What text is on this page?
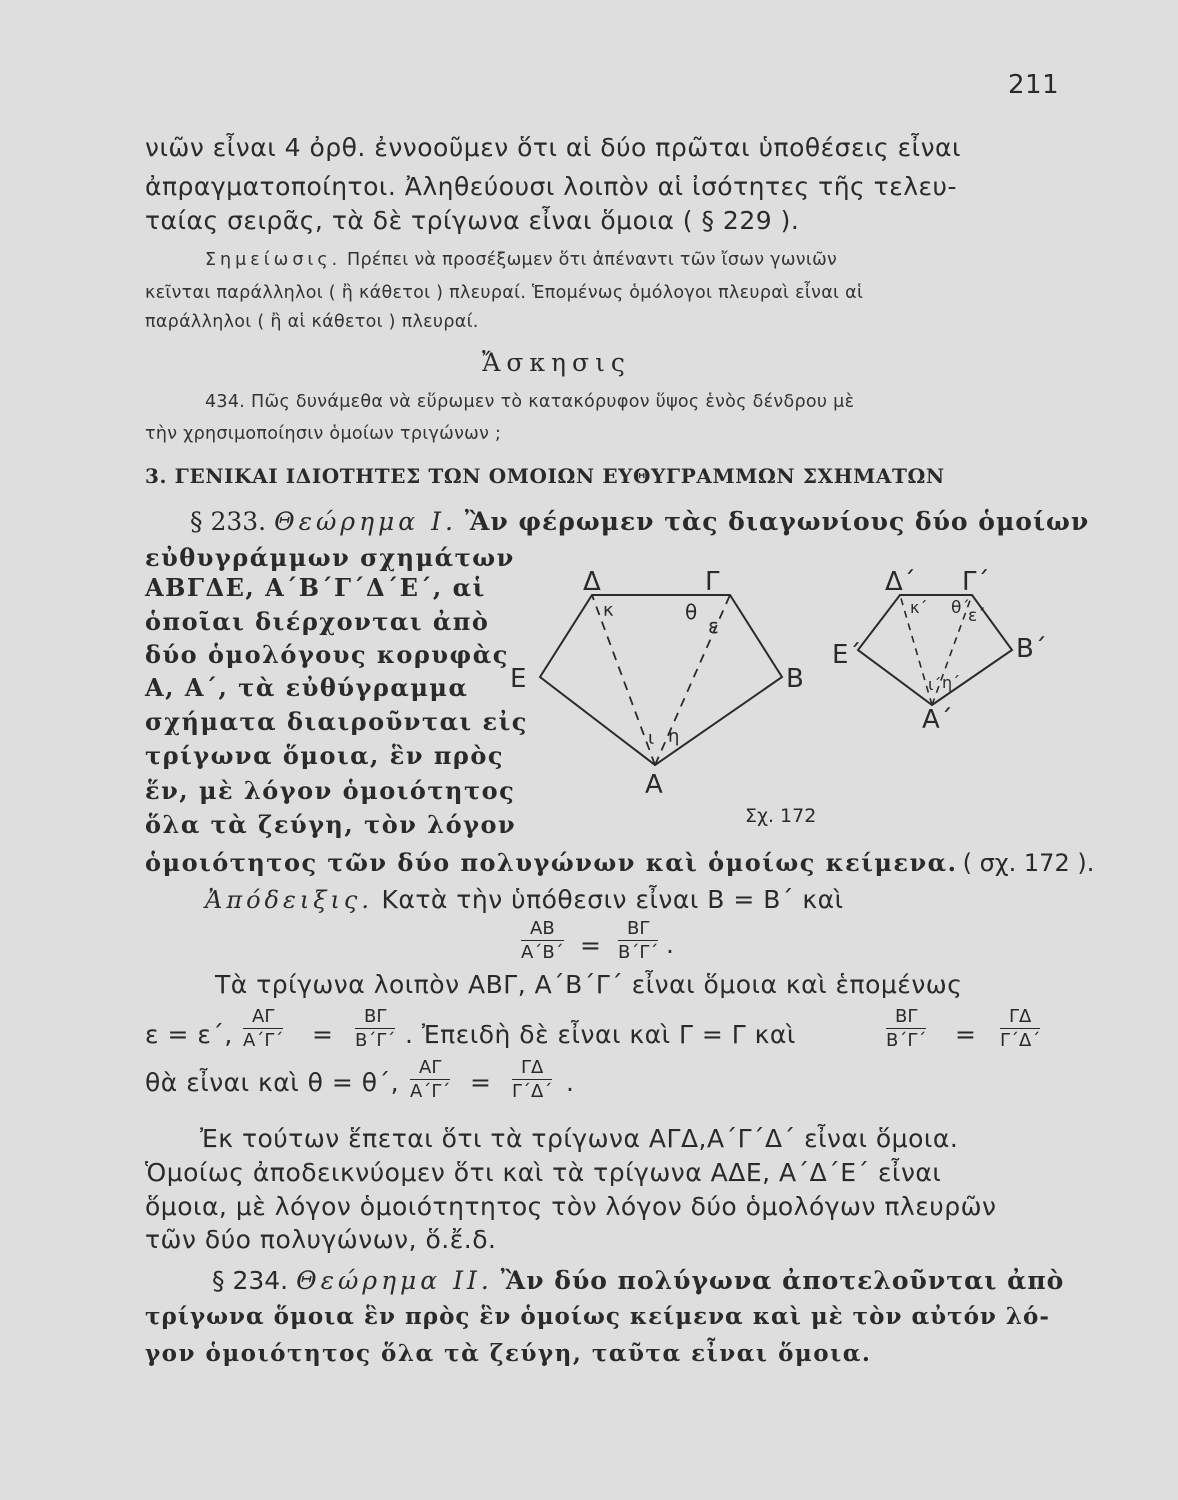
211
νιῶν εἶναι 4 ὀρθ. ἐννοοῦμεν ὅτι αἱ δύο πρῶται ὑποθέσεις εἶναι
ἀπραγματοποίητοι. Ἀληθεύουσι λοιπὸν αἱ ἰσότητες τῆς τελευ-
ταίας σειρᾶς, τὰ δὲ τρίγωνα εἶναι ὅμοια ( § 229 ).
Σημείωσις. Πρέπει νὰ προσέξωμεν ὅτι ἀπέναντι τῶν ἴσων γωνιῶν
κεῖνται παράλληλοι ( ἢ κάθετοι ) πλευραί. Ἑπομένως ὁμόλογοι πλευραὶ εἶναι αἱ
παράλληλοι ( ἢ αἱ κάθετοι ) πλευραί.
Ἄσκησις
434. Πῶς δυνάμεθα νὰ εὕρωμεν τὸ κατακόρυφον ὕψος ἑνὸς δένδρου μὲ
τὴν χρησιμοποίησιν ὁμοίων τριγώνων ;
3. ΓΕΝΙΚΑΙ ΙΔΙΟΤΗΤΕΣ ΤΩΝ ΟΜΟΙΩΝ ΕΥΘΥΓΡΑΜΜΩΝ ΣΧΗΜΑΤΩΝ
§ 233. Θεώρημα Ι. Ἂν φέρωμεν τὰς διαγωνίους δύο ὁμοίων
εὐθυγράμμων σχημάτων
ΑΒΓΔΕ, Α΄Β΄Γ΄Δ΄Ε΄, αἱ
ὁποῖαι διέρχονται ἀπὸ
δύο ὁμολόγους κορυφὰς
Α, Α΄, τὰ εὐθύγραμμα
σχήματα διαιροῦνται εἰς
τρίγωνα ὅμοια, ἓν πρὸς
ἕν, μὲ λόγον ὁμοιότητος
ὅλα τὰ ζεύγη, τὸν λόγον
ὁμοιότητος τῶν δύο πολυγώνων καὶ ὁμοίως κείμενα. ( σχ. 172 ).
Δ	Γ
Ε	Β
Α
κ	θ
ε
ι η
Δ΄ Γ΄
Ε΄	Β΄
Α΄
κ΄ θ΄
ε΄
ι΄ η΄
Σχ. 172
Ἀπόδειξις. Κατὰ τὴν ὑπόθεσιν εἶναι Β = Β΄ καὶ
$\frac{AB}{A΄B΄} = \frac{B\Gamma}{B΄\Gamma΄}$ .
Τὰ τρίγωνα λοιπὸν ΑΒΓ, Α΄Β΄Γ΄ εἶναι ὅμοια καὶ ἑπομένως
ε = ε΄, $\frac{A\Gamma}{A΄\Gamma΄} = \frac{B\Gamma}{B΄\Gamma΄}$ . Ἐπειδὴ δὲ εἶναι καὶ Γ = Γ καὶ	$\frac{B\Gamma}{B΄\Gamma΄} = \frac{\Gamma\Delta}{\Gamma΄\Delta΄}$
θὰ εἶναι καὶ θ = θ΄, $\frac{A\Gamma}{A΄\Gamma΄} = \frac{\Gamma\Delta}{\Gamma΄\Delta΄}$ .
Ἐκ τούτων ἕπεται ὅτι τὰ τρίγωνα ΑΓΔ,Α΄Γ΄Δ΄ εἶναι ὅμοια.
Ὁμοίως ἀποδεικνύομεν ὅτι καὶ τὰ τρίγωνα ΑΔΕ, Α΄Δ΄Ε΄ εἶναι
ὅμοια, μὲ λόγον ὁμοιότητητος τὸν λόγον δύο ὁμολόγων πλευρῶν
τῶν δύο πολυγώνων, ὅ.ἔ.δ.
§ 234. Θεώρημα ΙΙ. Ἂν δύο πολύγωνα ἀποτελοῦνται ἀπὸ
τρίγωνα ὅμοια ἓν πρὸς ἓν ὁμοίως κείμενα καὶ μὲ τὸν αὐτόν λό-
γον ὁμοιότητος ὅλα τὰ ζεύγη, ταῦτα εἶναι ὅμοια.
